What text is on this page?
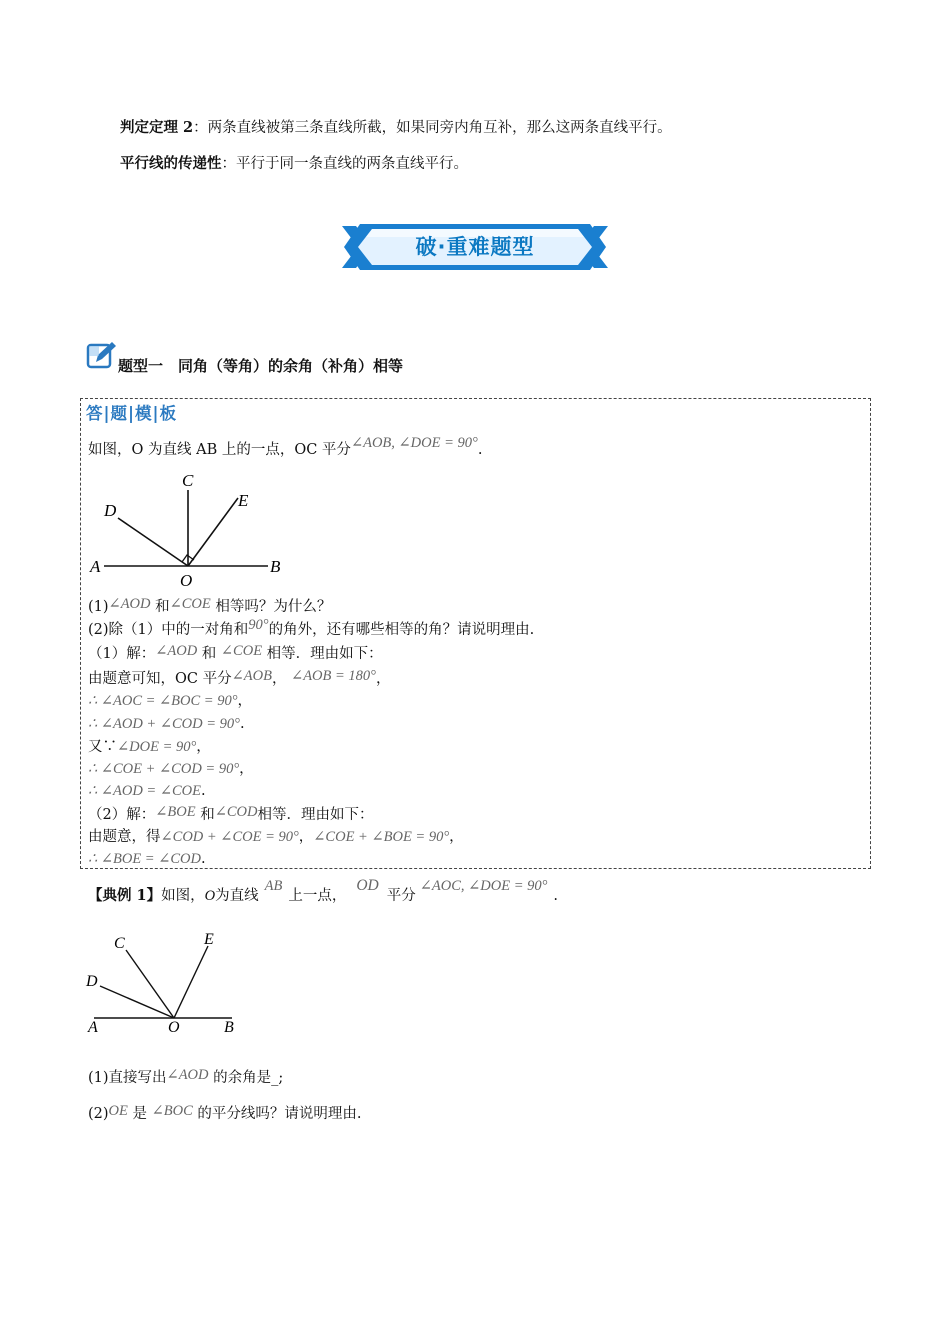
判定定理 2：两条直线被第三条直线所截，如果同旁内角互补，那么这两条直线平行。
平行线的传递性：平行于同一条直线的两条直线平行。
破·重难题型
题型一　同角（等角）的余角（补角）相等
答|题|模|板
如图，O 为直线 AB 上的一点，OC 平分∠AOB, ∠DOE = 90°.
C
D
E
A
O
B
(1)∠AOD 和∠COE 相等吗？为什么？
(2)除（1）中的一对角和90°的角外，还有哪些相等的角？请说明理由.
（1）解：∠AOD 和 ∠COE 相等．理由如下：
由题意可知，OC 平分∠AOB， ∠AOB = 180°，
∴ ∠AOC = ∠BOC = 90°，
∴ ∠AOD + ∠COD = 90°.
又∵∠DOE = 90°，
∴ ∠COE + ∠COD = 90°，
∴ ∠AOD = ∠COE.
（2）解：∠BOE 和∠COD相等．理由如下：
由题意，得∠COD + ∠COE = 90°，∠COE + ∠BOE = 90°，
∴ ∠BOE = ∠COD.
【典例 1】如图，O为直线AB上一点，OD平分∠AOC, ∠DOE = 90°.
C	E
D
A	O	B
(1)直接写出∠AOD 的余角是_;
(2)OE 是 ∠BOC 的平分线吗？请说明理由.
